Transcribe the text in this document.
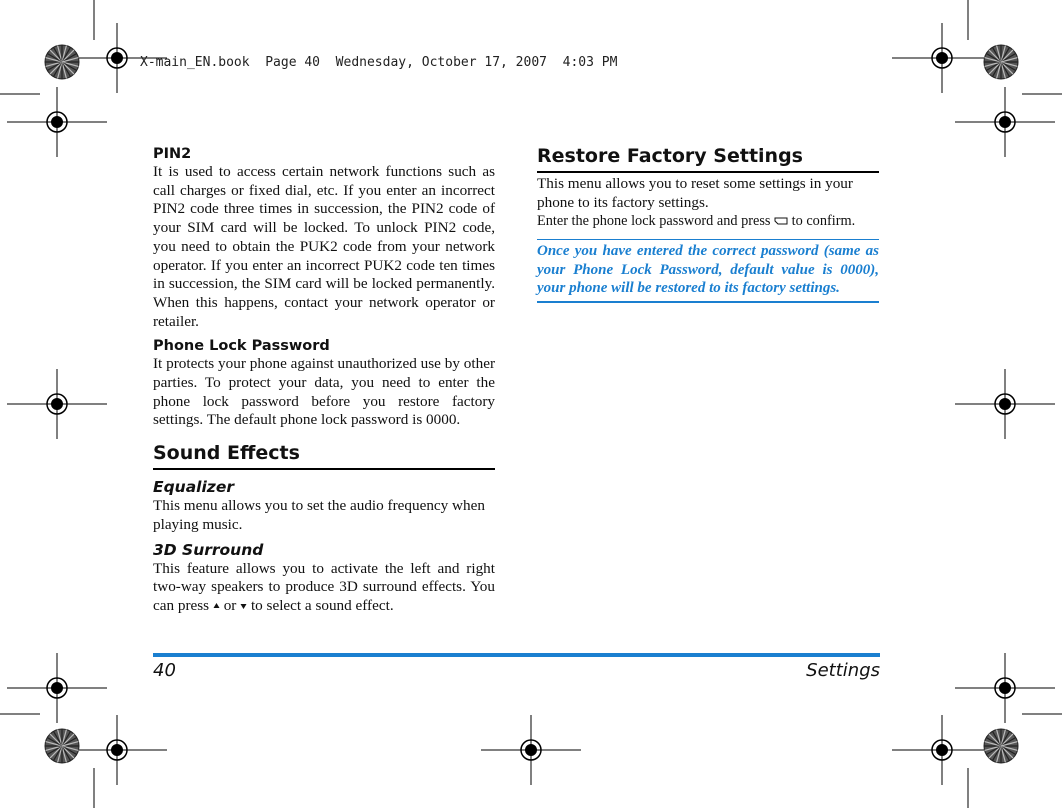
X-main_EN.book  Page 40  Wednesday, October 17, 2007  4:03 PM
PIN2

It is used to access certain network functions such as call charges or fixed dial, etc. If you enter an incorrect PIN2 code three times in succession, the PIN2 code of your SIM card will be locked. To unlock PIN2 code, you need to obtain the PUK2 code from your network operator. If you enter an incorrect PUK2 code ten times in succession, the SIM card will be locked permanently. When this happens, contact your network operator or retailer.

Phone Lock Password

It protects your phone against unauthorized use by other parties. To protect your data, you need to enter the phone lock password before you restore factory settings. The default phone lock password is 0000.

Sound Effects
Equalizer

This menu allows you to set the audio frequency when playing music.

3D Surround

This feature allows you to activate the left and right two-way speakers to produce 3D surround effects. You can press or to select a sound effect.

Restore Factory Settings

This menu allows you to reset some settings in your phone to its factory settings.

Enter the phone lock password and press to confirm.

Once you have entered the correct password (same as your Phone Lock Password, default value is 0000), your phone will be restored to its factory settings.
40	Settings
